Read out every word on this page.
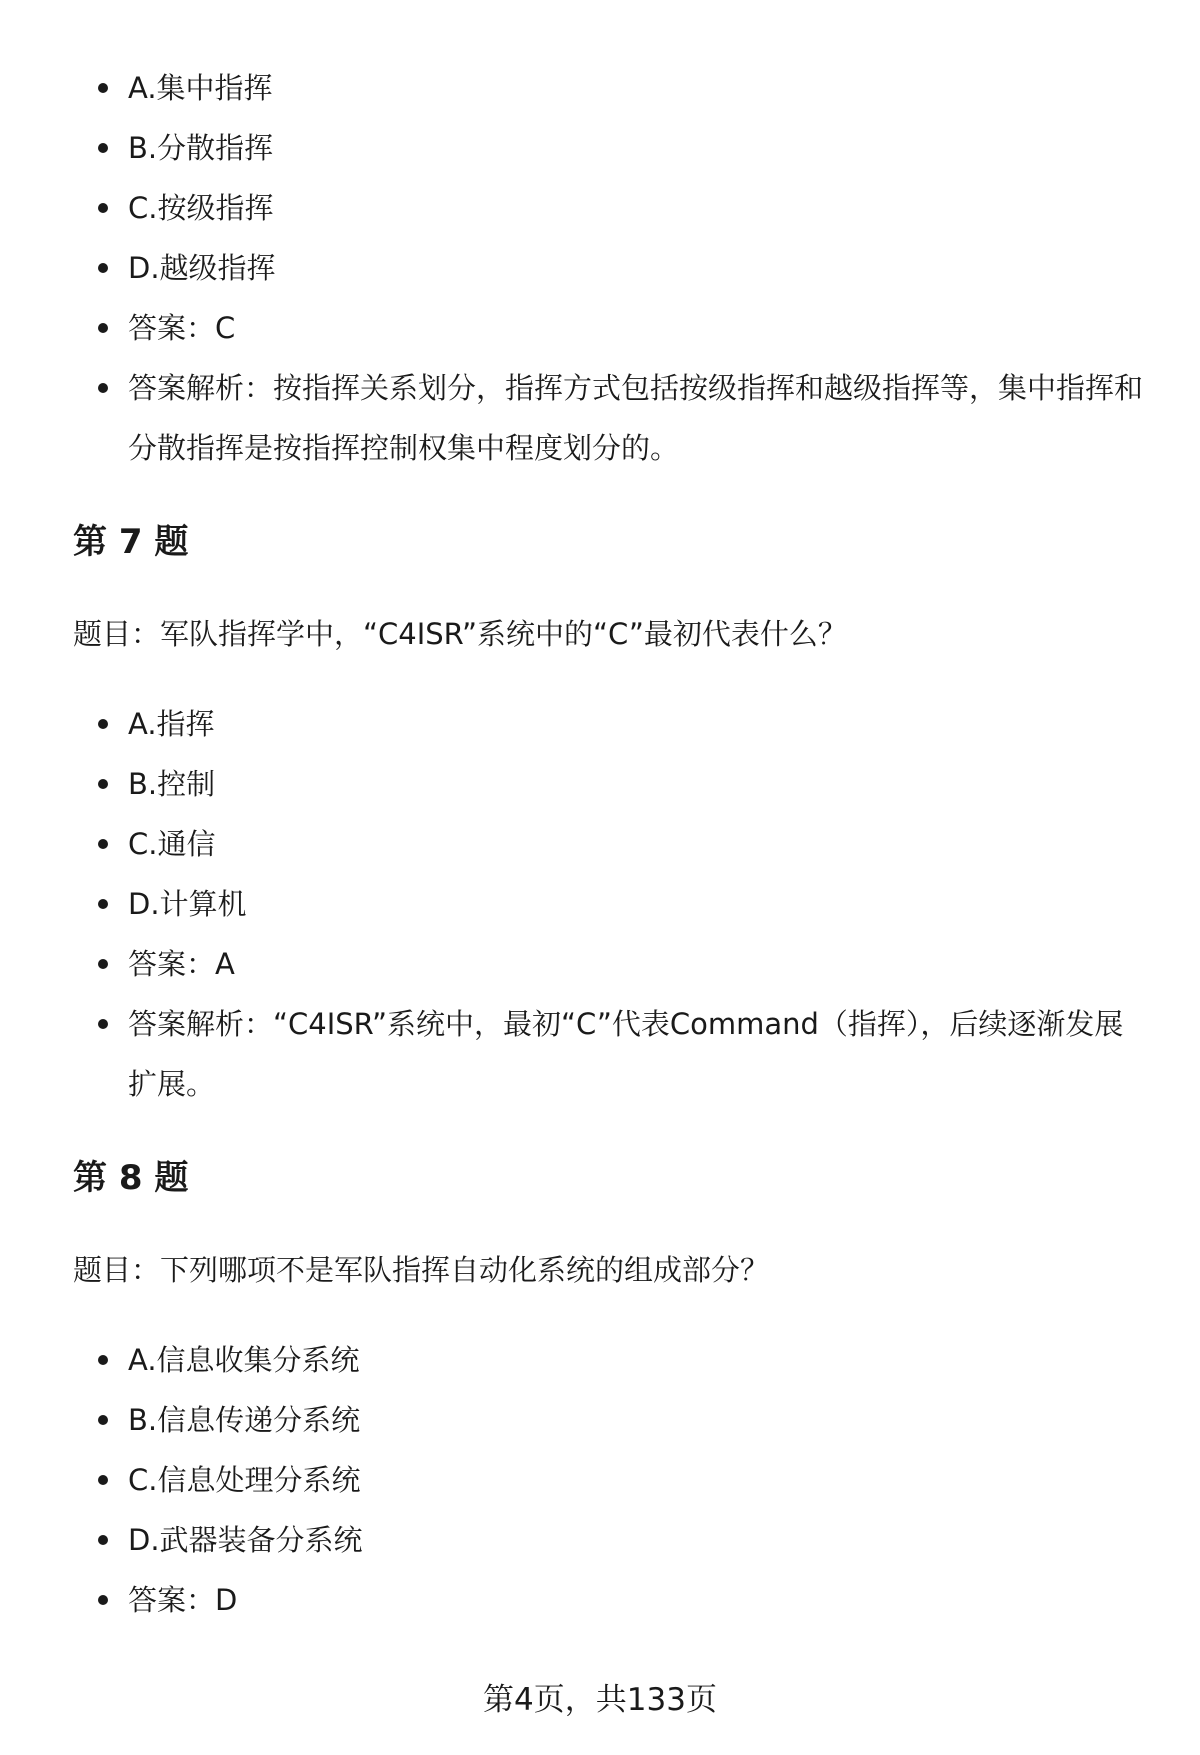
A.集中指挥
B.分散指挥
C.按级指挥
D.越级指挥
答案：C
答案解析：按指挥关系划分，指挥方式包括按级指挥和越级指挥等，集中指挥和分散指挥是按指挥控制权集中程度划分的。
第 7 题
题目：军队指挥学中，“C4ISR”系统中的“C”最初代表什么？
A.指挥
B.控制
C.通信
D.计算机
答案：A
答案解析：“C4ISR”系统中，最初“C”代表Command（指挥），后续逐渐发展扩展。
第 8 题
题目：下列哪项不是军队指挥自动化系统的组成部分？
A.信息收集分系统
B.信息传递分系统
C.信息处理分系统
D.武器装备分系统
答案：D
第4页，共133页
